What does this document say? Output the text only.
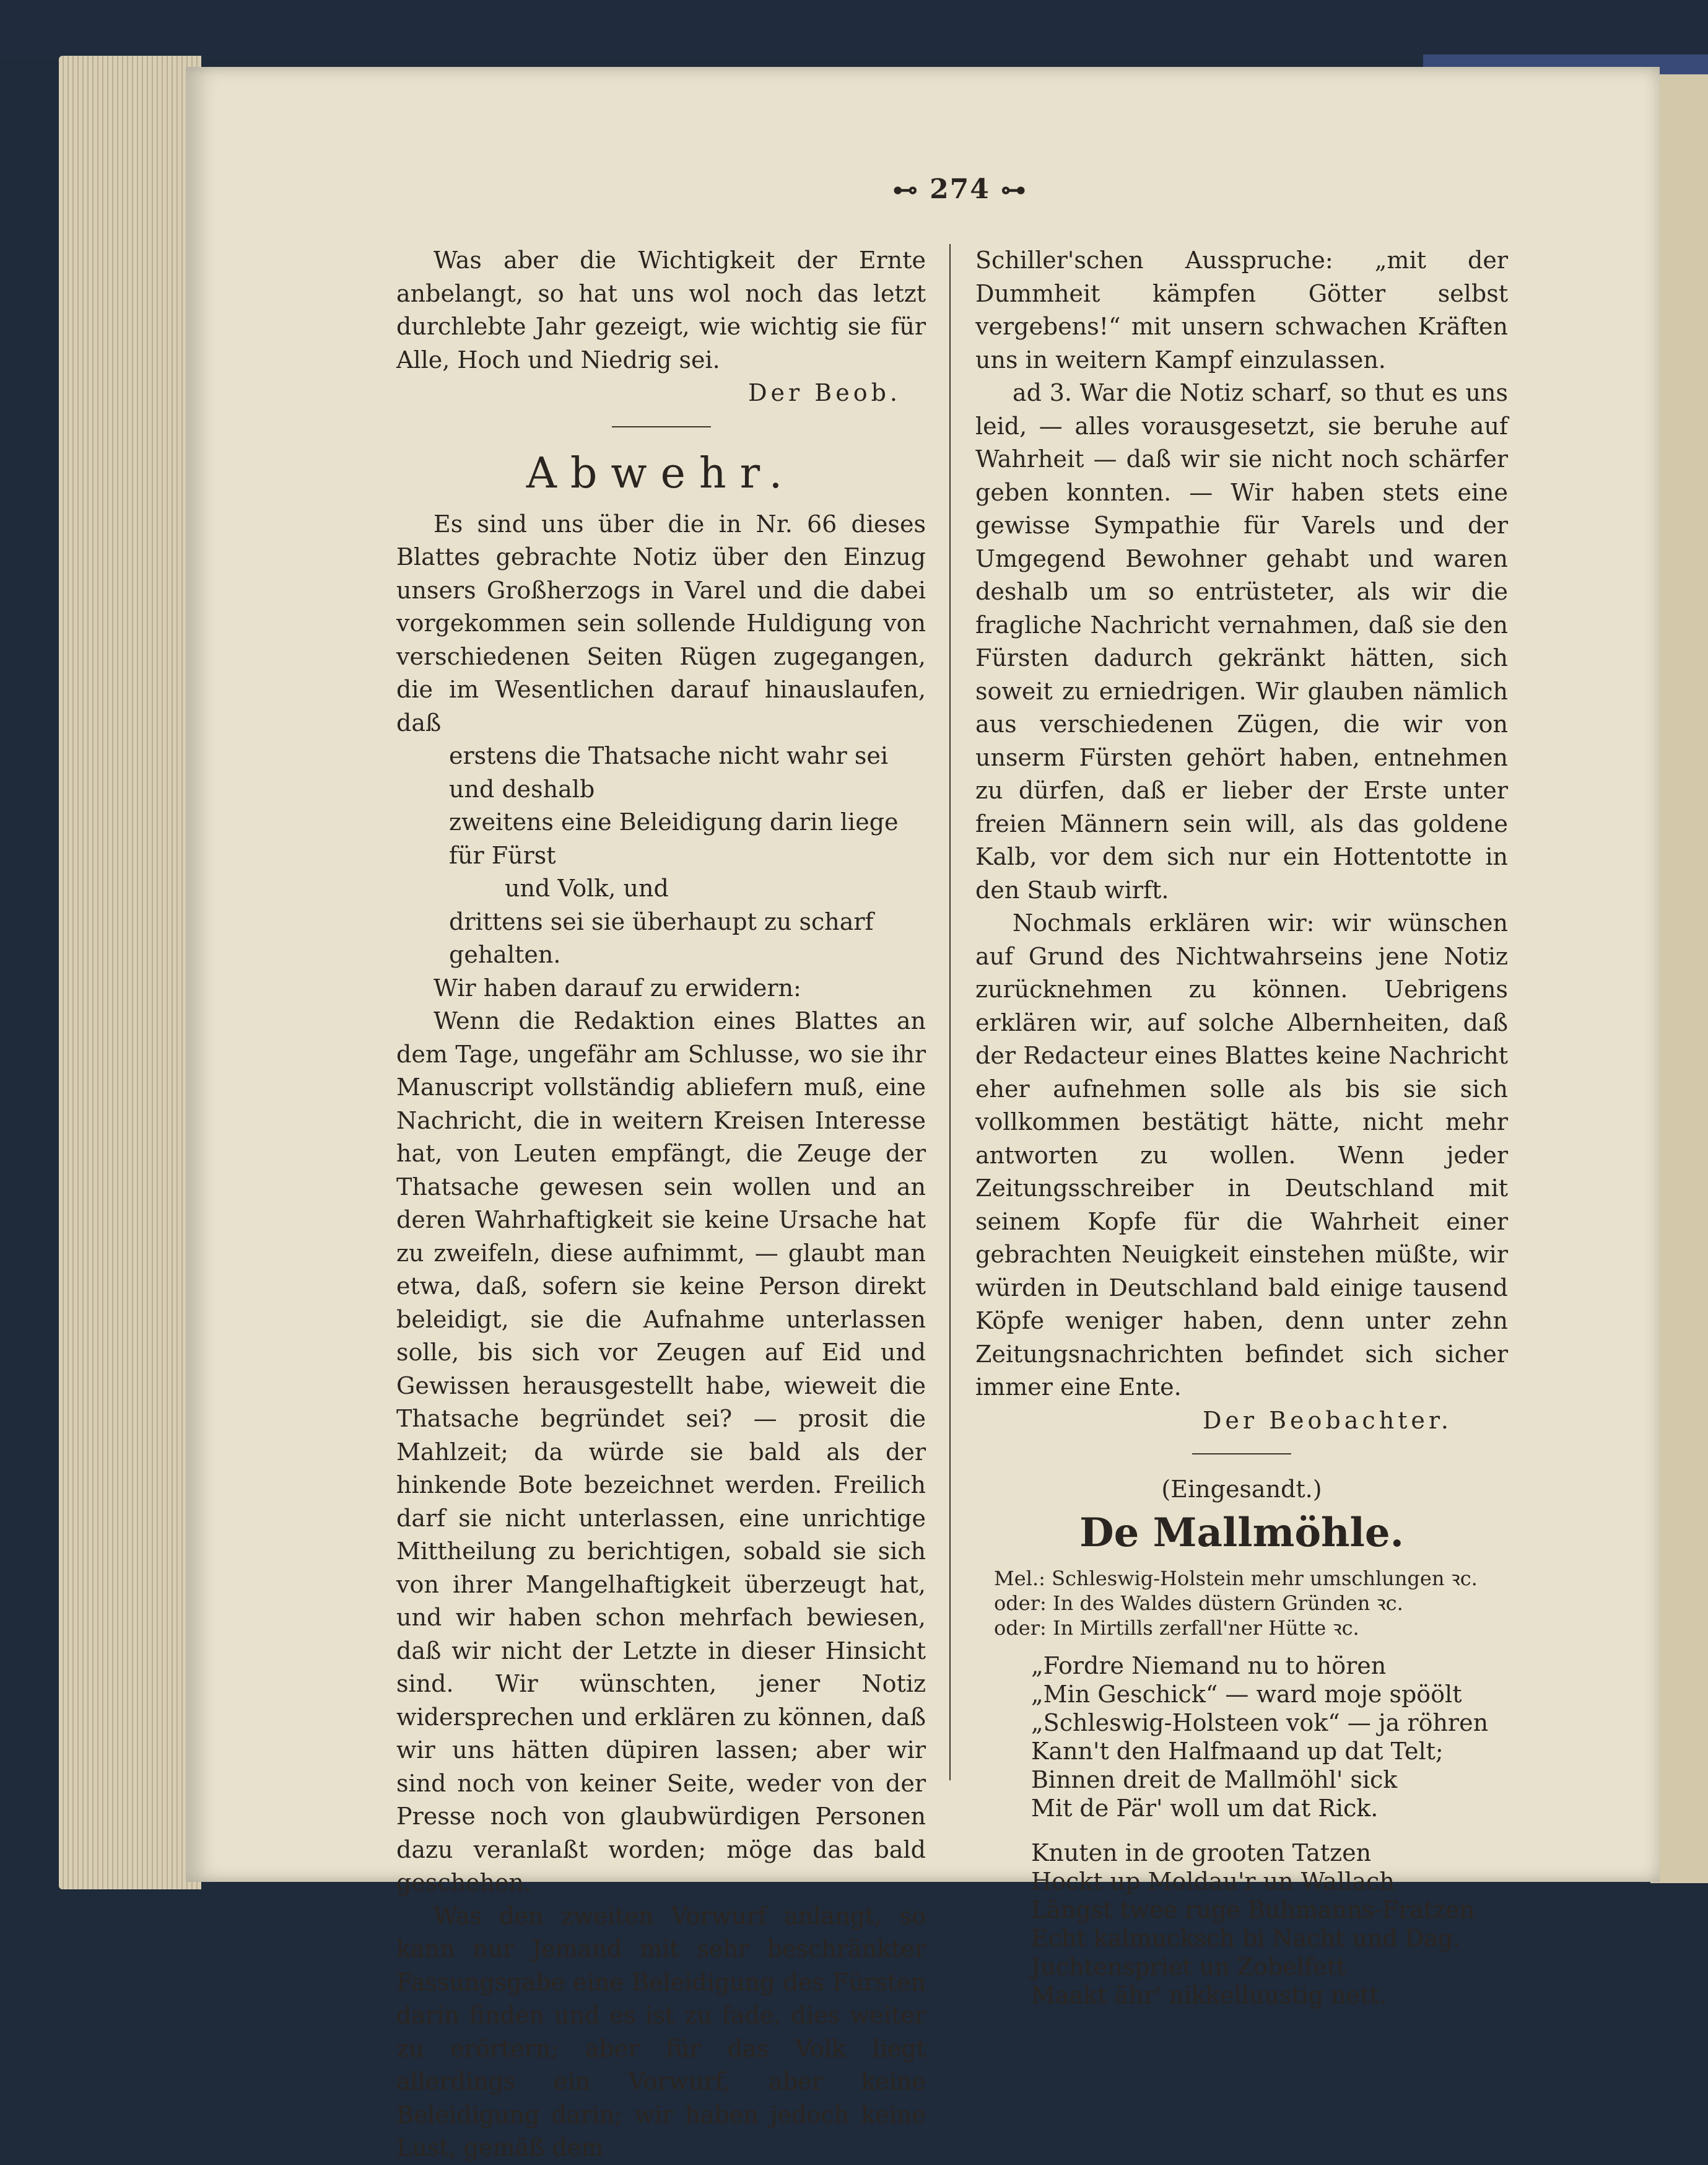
⊷ 274 ⊶

Was aber die Wichtigkeit der Ernte anbelangt, so hat uns wol noch das letzt durchlebte Jahr gezeigt, wie wichtig sie für Alle, Hoch und Niedrig sei.

Der Beob.
Abwehr.

Es sind uns über die in Nr. 66 dieses Blattes gebrachte Notiz über den Einzug unsers Großherzogs in Varel und die dabei vorgekommen sein sollende Huldigung von verschiedenen Seiten Rügen zugegangen, die im Wesentlichen darauf hinauslaufen, daß

erstens die Thatsache nicht wahr sei und deshalb
zweitens eine Beleidigung darin liege für Fürst
und Volk, und
drittens sei sie überhaupt zu scharf gehalten.

Wir haben darauf zu erwidern:

Wenn die Redaktion eines Blattes an dem Tage, ungefähr am Schlusse, wo sie ihr Manuscript vollständig abliefern muß, eine Nachricht, die in weitern Kreisen Interesse hat, von Leuten empfängt, die Zeuge der Thatsache gewesen sein wollen und an deren Wahrhaftigkeit sie keine Ursache hat zu zweifeln, diese aufnimmt, — glaubt man etwa, daß, sofern sie keine Person direkt beleidigt, sie die Aufnahme unterlassen solle, bis sich vor Zeugen auf Eid und Gewissen herausgestellt habe, wieweit die Thatsache begründet sei? — prosit die Mahlzeit; da würde sie bald als der hinkende Bote bezeichnet werden. Freilich darf sie nicht unterlassen, eine unrichtige Mittheilung zu berichtigen, sobald sie sich von ihrer Mangelhaftigkeit überzeugt hat, und wir haben schon mehrfach bewiesen, daß wir nicht der Letzte in dieser Hinsicht sind. Wir wünschten, jener Notiz widersprechen und erklären zu können, daß wir uns hätten düpiren lassen; aber wir sind noch von keiner Seite, weder von der Presse noch von glaubwürdigen Personen dazu veranlaßt worden; möge das bald geschehen.

Was den zweiten Vorwurf anlangt, so kann nur Jemand mit sehr beschränkter Fassungsgabe eine Beleidigung des Fürsten darin finden und es ist zu fade, dies weiter zu erörtern; aber für das Volk liegt allerdings ein Vorwurf, aber keine Beleidigung darin; wir haben jedoch keine Lust, gemäß dem

Schiller'schen Ausspruche: „mit der Dummheit kämpfen Götter selbst vergebens!“ mit unsern schwachen Kräften uns in weitern Kampf einzulassen.

ad 3. War die Notiz scharf, so thut es uns leid, — alles vorausgesetzt, sie beruhe auf Wahrheit — daß wir sie nicht noch schärfer geben konnten. — Wir haben stets eine gewisse Sympathie für Varels und der Umgegend Bewohner gehabt und waren deshalb um so entrüsteter, als wir die fragliche Nachricht vernahmen, daß sie den Fürsten dadurch gekränkt hätten, sich soweit zu erniedrigen. Wir glauben nämlich aus verschiedenen Zügen, die wir von unserm Fürsten gehört haben, entnehmen zu dürfen, daß er lieber der Erste unter freien Männern sein will, als das goldene Kalb, vor dem sich nur ein Hottentotte in den Staub wirft.

Nochmals erklären wir: wir wünschen auf Grund des Nichtwahrseins jene Notiz zurücknehmen zu können. Uebrigens erklären wir, auf solche Albernheiten, daß der Redacteur eines Blattes keine Nachricht eher aufnehmen solle als bis sie sich vollkommen bestätigt hätte, nicht mehr antworten zu wollen. Wenn jeder Zeitungsschreiber in Deutschland mit seinem Kopfe für die Wahrheit einer gebrachten Neuigkeit einstehen müßte, wir würden in Deutschland bald einige tausend Köpfe weniger haben, denn unter zehn Zeitungsnachrichten befindet sich sicher immer eine Ente.

Der Beobachter.
(Eingesandt.)
De Mallmöhle.
Mel.: Schleswig-Holstein mehr umschlungen ꝛc.
oder: In des Waldes düstern Gründen ꝛc.
oder: In Mirtills zerfall'ner Hütte ꝛc.
„Fordre Niemand nu to hören
„Min Geschick“ — ward moje spöölt
„Schleswig-Holsteen vok“ — ja röhren
Kann't den Halfmaand up dat Telt;
Binnen dreit de Mallmöhl' sick
Mit de Pär' woll um dat Rick.
Knuten in de grooten Tatzen
Hockt up Moldau'r un Wallach
Längst twee ruge Buhmanns-Fratzen
Echt kalmucksch bi Nacht und Dag.
Juchtenspriet un Zobelfett
Maakt ähr' nikkelluustig nett.
